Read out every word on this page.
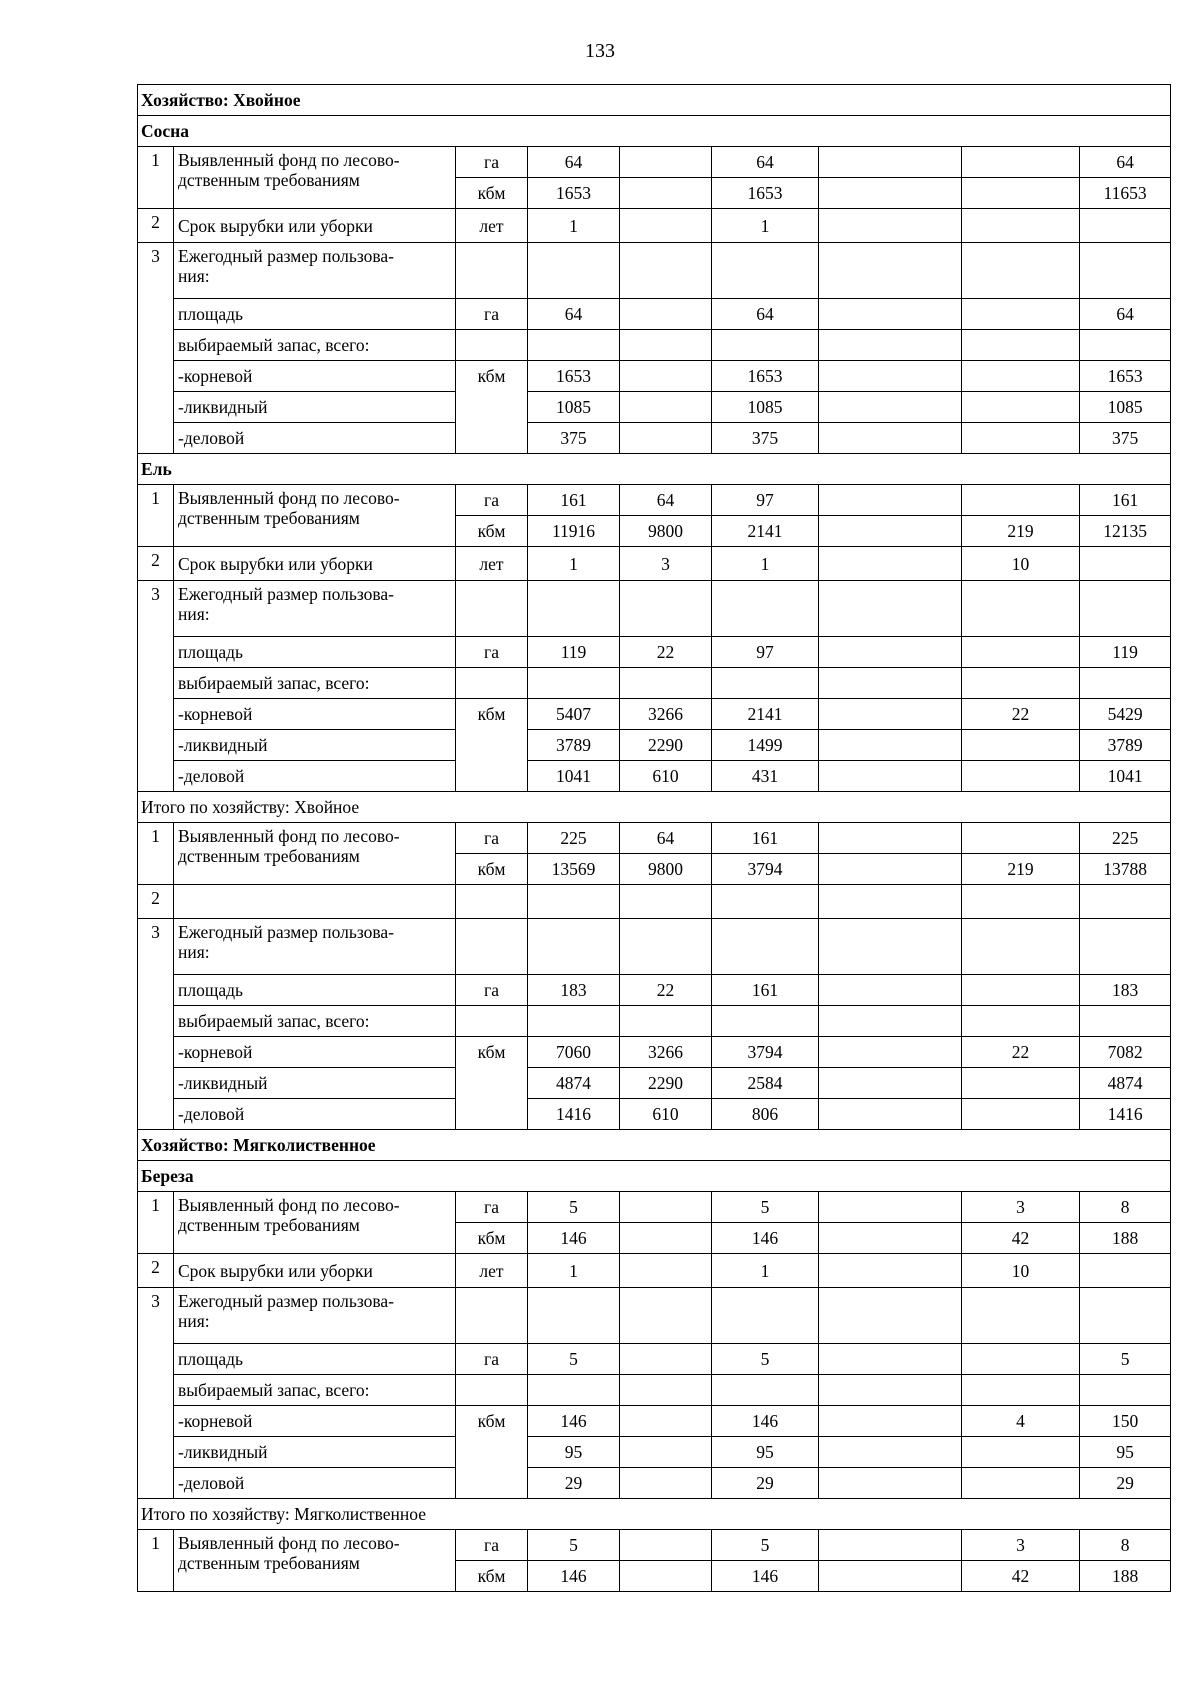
133
Хозяйство: Хвойное								
Сосна								
1	Выявленный фонд по лесово-
дственным требованиям	га	64		64			64
		кбм	1653		1653			11653
2	Срок вырубки или уборки	лет	1		1			
3	Ежегодный размер пользова-
ния:							
	площадь	га	64		64			64
	выбираемый запас, всего:							
	-корневой	кбм	1653		1653			1653
	-ликвидный		1085		1085			1085
	-деловой		375		375			375
Ель								
1	Выявленный фонд по лесово-
дственным требованиям	га	161	64	97			161
		кбм	11916	9800	2141		219	12135
2	Срок вырубки или уборки	лет	1	3	1		10	
3	Ежегодный размер пользова-
ния:							
	площадь	га	119	22	97			119
	выбираемый запас, всего:							
	-корневой	кбм	5407	3266	2141		22	5429
	-ликвидный		3789	2290	1499			3789
	-деловой		1041	610	431			1041
Итого по хозяйству: Хвойное								
1	Выявленный фонд по лесово-
дственным требованиям	га	225	64	161			225
		кбм	13569	9800	3794		219	13788
2								
3	Ежегодный размер пользова-
ния:							
	площадь	га	183	22	161			183
	выбираемый запас, всего:							
	-корневой	кбм	7060	3266	3794		22	7082
	-ликвидный		4874	2290	2584			4874
	-деловой		1416	610	806			1416
Хозяйство: Мягколиственное								
Береза								
1	Выявленный фонд по лесово-
дственным требованиям	га	5		5		3	8
		кбм	146		146		42	188
2	Срок вырубки или уборки	лет	1		1		10	
3	Ежегодный размер пользова-
ния:							
	площадь	га	5		5			5
	выбираемый запас, всего:							
	-корневой	кбм	146		146		4	150
	-ликвидный		95		95			95
	-деловой		29		29			29
Итого по хозяйству: Мягколиственное								
1	Выявленный фонд по лесово-
дственным требованиям	га	5		5		3	8
		кбм	146		146		42	188
